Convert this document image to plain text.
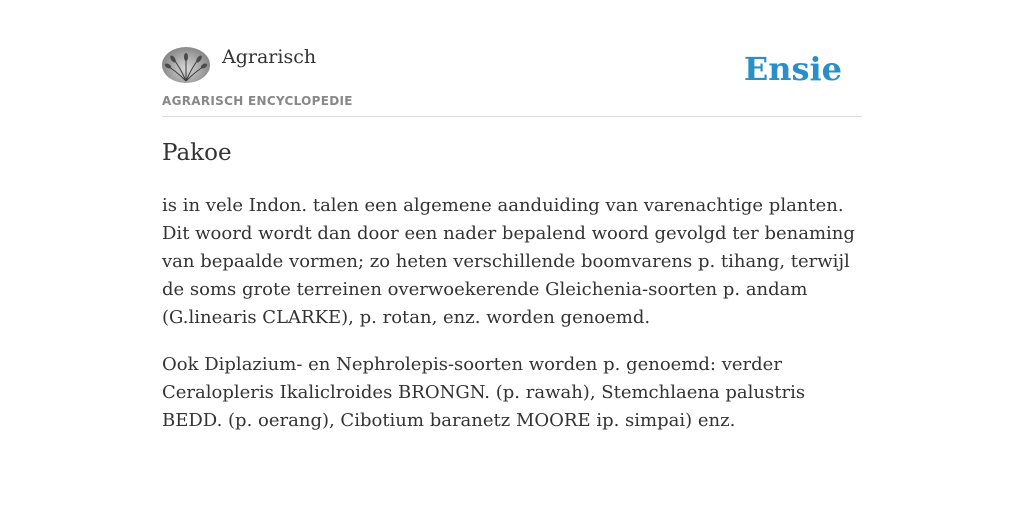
Agrarisch
AGRARISCH ENCYCLOPEDIE
Ensie
Pakoe

is in vele Indon. talen een algemene aanduiding van varenachtige planten. Dit woord wordt dan door een nader bepalend woord gevolgd ter benaming van bepaalde vormen; zo heten verschillende boomvarens p. tihang, terwijl de soms grote terreinen overwoekerende Gleichenia-soorten p. andam (G.linearis CLARKE), p. rotan, enz. worden genoemd.

Ook Diplazium- en Nephrolepis-soorten worden p. genoemd: verder Ceralopleris Ikaliclroides BRONGN. (p. rawah), Stemchlaena palustris BEDD. (p. oerang), Cibotium baranetz MOORE ip. simpai) enz.
